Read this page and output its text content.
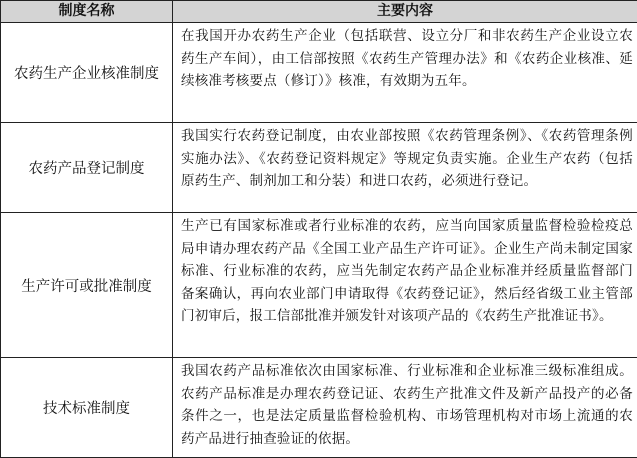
制度名称	主要内容
农药生产企业核准制度	在我国开办农药生产企业（包括联营、设立分厂和非农药生产企业设立农药生产车间），由工信部按照《农药生产管理办法》和《农药企业核准、延续核准考核要点（修订）》核准，有效期为五年。
农药产品登记制度	我国实行农药登记制度，由农业部按照《农药管理条例》、《农药管理条例实施办法》、《农药登记资料规定》等规定负责实施。企业生产农药（包括原药生产、制剂加工和分装）和进口农药，必须进行登记。
生产许可或批准制度	生产已有国家标准或者行业标准的农药，应当向国家质量监督检验检疫总局申请办理农药产品《全国工业产品生产许可证》。企业生产尚未制定国家标准、行业标准的农药，应当先制定农药产品企业标准并经质量监督部门备案确认，再向农业部门申请取得《农药登记证》，然后经省级工业主管部门初审后，报工信部批准并颁发针对该项产品的《农药生产批准证书》。
技术标准制度	我国农药产品标准依次由国家标准、行业标准和企业标准三级标准组成。农药产品标准是办理农药登记证、农药生产批准文件及新产品投产的必备条件之一，也是法定质量监督检验机构、市场管理机构对市场上流通的农药产品进行抽查验证的依据。
